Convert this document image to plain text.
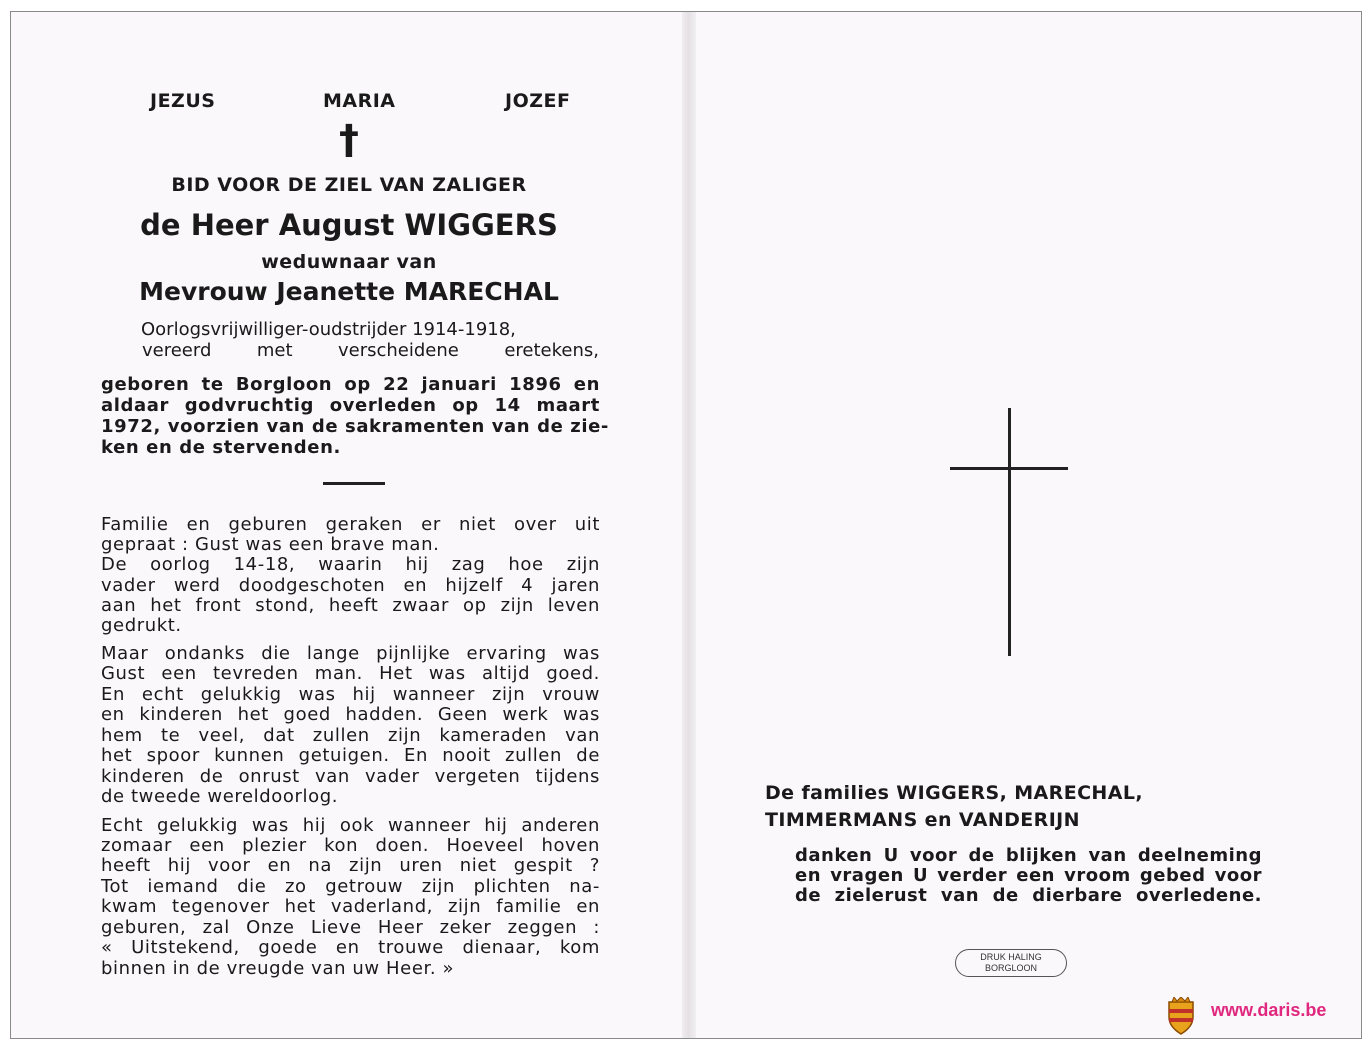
JEZUS	MARIA	JOZEF

†

BID VOOR DE ZIEL VAN ZALIGER

de Heer August WIGGERS

weduwnaar van

Mevrouw Jeanette MARECHAL

Oorlogsvrijwilliger-oudstrijder 1914-1918,

vereerd met verscheidene eretekens,

geboren te Borgloon op 22 januari 1896 en

aldaar godvruchtig overleden op 14 maart

1972, voorzien van de sakramenten van de zie-

ken en de stervenden.

Familie en geburen geraken er niet over uit

gepraat : Gust was een brave man.

De oorlog 14-18, waarin hij zag hoe zijn

vader werd doodgeschoten en hijzelf 4 jaren

aan het front stond, heeft zwaar op zijn leven

gedrukt.

Maar ondanks die lange pijnlijke ervaring was

Gust een tevreden man. Het was altijd goed.

En echt gelukkig was hij wanneer zijn vrouw

en kinderen het goed hadden. Geen werk was

hem te veel, dat zullen zijn kameraden van

het spoor kunnen getuigen. En nooit zullen de

kinderen de onrust van vader vergeten tijdens

de tweede wereldoorlog.

Echt gelukkig was hij ook wanneer hij anderen

zomaar een plezier kon doen. Hoeveel hoven

heeft hij voor en na zijn uren niet gespit ?

Tot iemand die zo getrouw zijn plichten na-

kwam tegenover het vaderland, zijn familie en

geburen, zal Onze Lieve Heer zeker zeggen :

« Uitstekend, goede en trouwe dienaar, kom

binnen in de vreugde van uw Heer. »

De families WIGGERS, MARECHAL,

TIMMERMANS en VANDERIJN

danken U voor de blijken van deelneming

en vragen U verder een vroom gebed voor

de zielerust van de dierbare overledene.

DRUK HALING
BORGLOON

www.daris.be
